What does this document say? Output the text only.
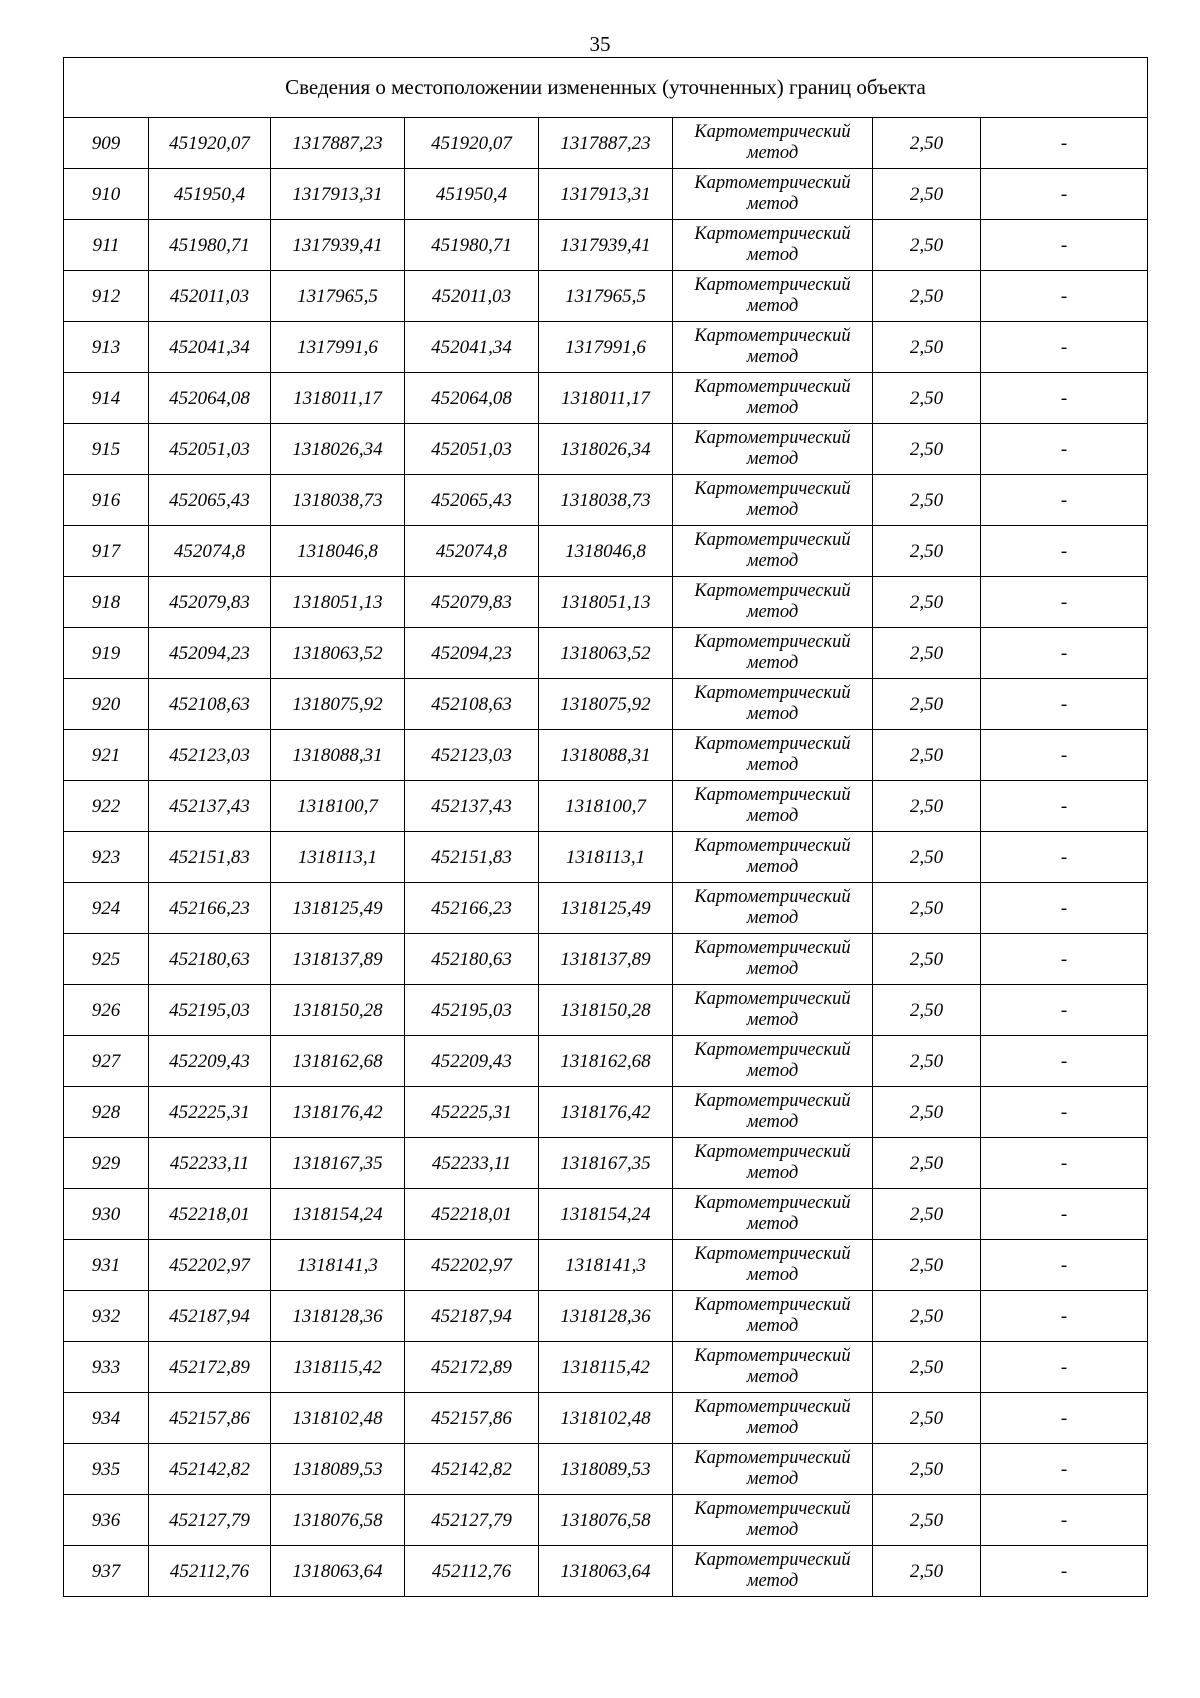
35
Сведения о местоположении измененных (уточненных) границ объекта							
909	451920,07	1317887,23	451920,07	1317887,23	Картометрический метод	2,50	-
910	451950,4	1317913,31	451950,4	1317913,31	Картометрический метод	2,50	-
911	451980,71	1317939,41	451980,71	1317939,41	Картометрический метод	2,50	-
912	452011,03	1317965,5	452011,03	1317965,5	Картометрический метод	2,50	-
913	452041,34	1317991,6	452041,34	1317991,6	Картометрический метод	2,50	-
914	452064,08	1318011,17	452064,08	1318011,17	Картометрический метод	2,50	-
915	452051,03	1318026,34	452051,03	1318026,34	Картометрический метод	2,50	-
916	452065,43	1318038,73	452065,43	1318038,73	Картометрический метод	2,50	-
917	452074,8	1318046,8	452074,8	1318046,8	Картометрический метод	2,50	-
918	452079,83	1318051,13	452079,83	1318051,13	Картометрический метод	2,50	-
919	452094,23	1318063,52	452094,23	1318063,52	Картометрический метод	2,50	-
920	452108,63	1318075,92	452108,63	1318075,92	Картометрический метод	2,50	-
921	452123,03	1318088,31	452123,03	1318088,31	Картометрический метод	2,50	-
922	452137,43	1318100,7	452137,43	1318100,7	Картометрический метод	2,50	-
923	452151,83	1318113,1	452151,83	1318113,1	Картометрический метод	2,50	-
924	452166,23	1318125,49	452166,23	1318125,49	Картометрический метод	2,50	-
925	452180,63	1318137,89	452180,63	1318137,89	Картометрический метод	2,50	-
926	452195,03	1318150,28	452195,03	1318150,28	Картометрический метод	2,50	-
927	452209,43	1318162,68	452209,43	1318162,68	Картометрический метод	2,50	-
928	452225,31	1318176,42	452225,31	1318176,42	Картометрический метод	2,50	-
929	452233,11	1318167,35	452233,11	1318167,35	Картометрический метод	2,50	-
930	452218,01	1318154,24	452218,01	1318154,24	Картометрический метод	2,50	-
931	452202,97	1318141,3	452202,97	1318141,3	Картометрический метод	2,50	-
932	452187,94	1318128,36	452187,94	1318128,36	Картометрический метод	2,50	-
933	452172,89	1318115,42	452172,89	1318115,42	Картометрический метод	2,50	-
934	452157,86	1318102,48	452157,86	1318102,48	Картометрический метод	2,50	-
935	452142,82	1318089,53	452142,82	1318089,53	Картометрический метод	2,50	-
936	452127,79	1318076,58	452127,79	1318076,58	Картометрический метод	2,50	-
937	452112,76	1318063,64	452112,76	1318063,64	Картометрический метод	2,50	-
